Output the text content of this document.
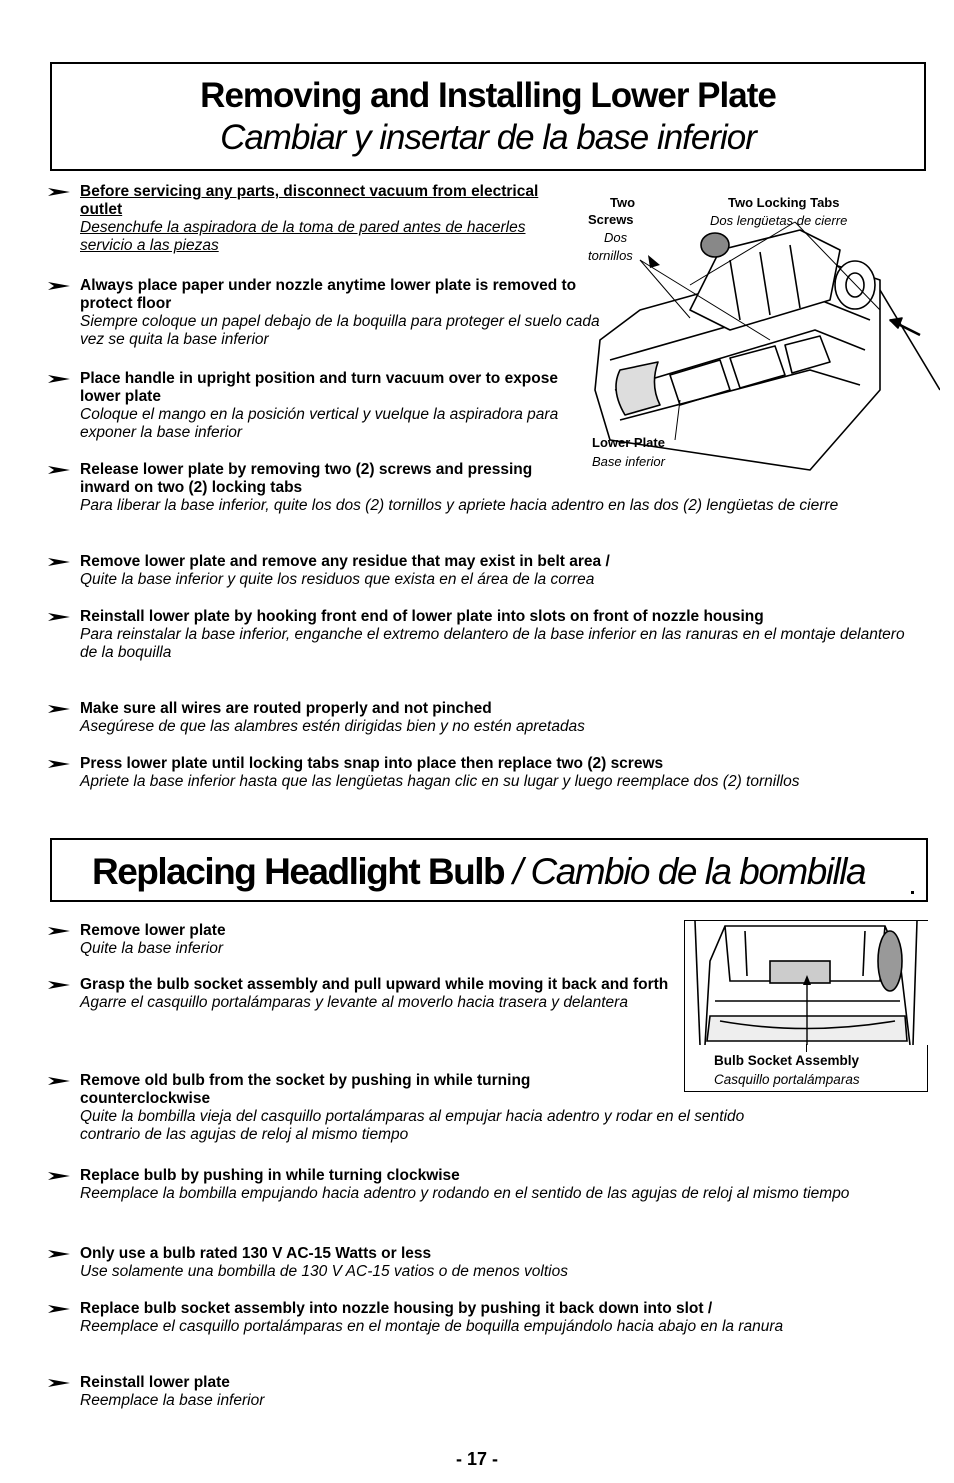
Removing and Installing Lower Plate
Cambiar y insertar de la base inferior
Before servicing any parts, disconnect vacuum from electrical outlet
Desenchufe la aspiradora de la toma de pared antes de hacerles servicio a las piezas
Always place paper under nozzle anytime lower plate is removed to protect floor
Siempre coloque un papel debajo de la boquilla para proteger el suelo cada vez se quita la base inferior
Place handle in upright position and turn vacuum over to expose lower plate
Coloque el mango en la posición vertical y vuelque la aspiradora para exponer la base inferior
Release lower plate by removing two (2) screws and pressing inward on two (2) locking tabs
Para liberar la base inferior, quite los dos (2) tornillos y apriete hacia adentro en las dos (2) lengüetas de cierre
Remove lower plate and remove any residue that may exist in belt area /
Quite la base inferior y quite los residuos que exista en el área de la correa
Reinstall lower plate by hooking front end of lower plate into slots on front of nozzle housing
Para reinstalar la base inferior, enganche el extremo delantero de la base inferior en las ranuras en el montaje delantero de la boquilla
Make sure all wires are routed properly and not pinched
Asegúrese de que las alambres estén dirigidas bien y no estén apretadas
Press lower plate until locking tabs snap into place then replace two (2) screws
Apriete la base inferior hasta que las lengüetas hagan clic en su lugar y luego reemplace dos (2) tornillos
Two
Screws
Dos
tornillos
Two Locking Tabs
Dos lengüetas de cierre
Lower Plate
Base inferior
Replacing Headlight Bulb / Cambio de la bombilla
Remove lower plate
Quite la base inferior
Grasp the bulb socket assembly and pull upward while moving it back and forth
Agarre el casquillo portalámparas y levante al moverlo hacia trasera y delantera
Remove old bulb from the socket by pushing in while turning counterclockwise
Quite la bombilla vieja del casquillo portalámparas al empujar hacia adentro y rodar en el sentido contrario de las agujas de reloj al mismo tiempo
Replace bulb by pushing in while turning clockwise
Reemplace la bombilla empujando hacia adentro y rodando en el sentido de las agujas de reloj al mismo tiempo
Only use a bulb rated 130 V AC-15 Watts or less
Use solamente una bombilla de 130 V AC-15 vatios o de menos voltios
Replace bulb socket assembly into nozzle housing by pushing it back down into slot /
Reemplace el casquillo portalámparas en el montaje de boquilla empujándolo hacia abajo en la ranura
Reinstall lower plate
Reemplace la base inferior
Bulb Socket Assembly
Casquillo portalámparas
- 17 -
